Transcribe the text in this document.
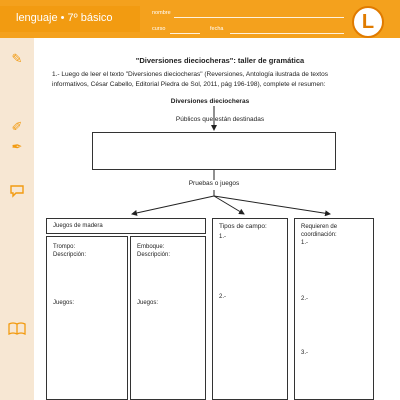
lenguaje • 7º básico	nombre
curso	fecha	L
✎
✐
✒
"Diversiones dieciocheras": taller de gramática
1.- Luego de leer el texto "Diversiones dieciocheras" (Reversiones, Antología ilustrada de textos informativos, César Cabello, Editorial Piedra de Sol, 2011, pág 196-198), complete el resumen:
Diversiones dieciocheras
Públicos que están destinadas
Pruebas o juegos
Juegos de madera
Trompo:
Descripción:
Juegos:
Emboque:
Descripción:
Juegos:
Tipos de campo:
1.-
2.-
Requieren de coordinación:
1.-
2.-
3.-
